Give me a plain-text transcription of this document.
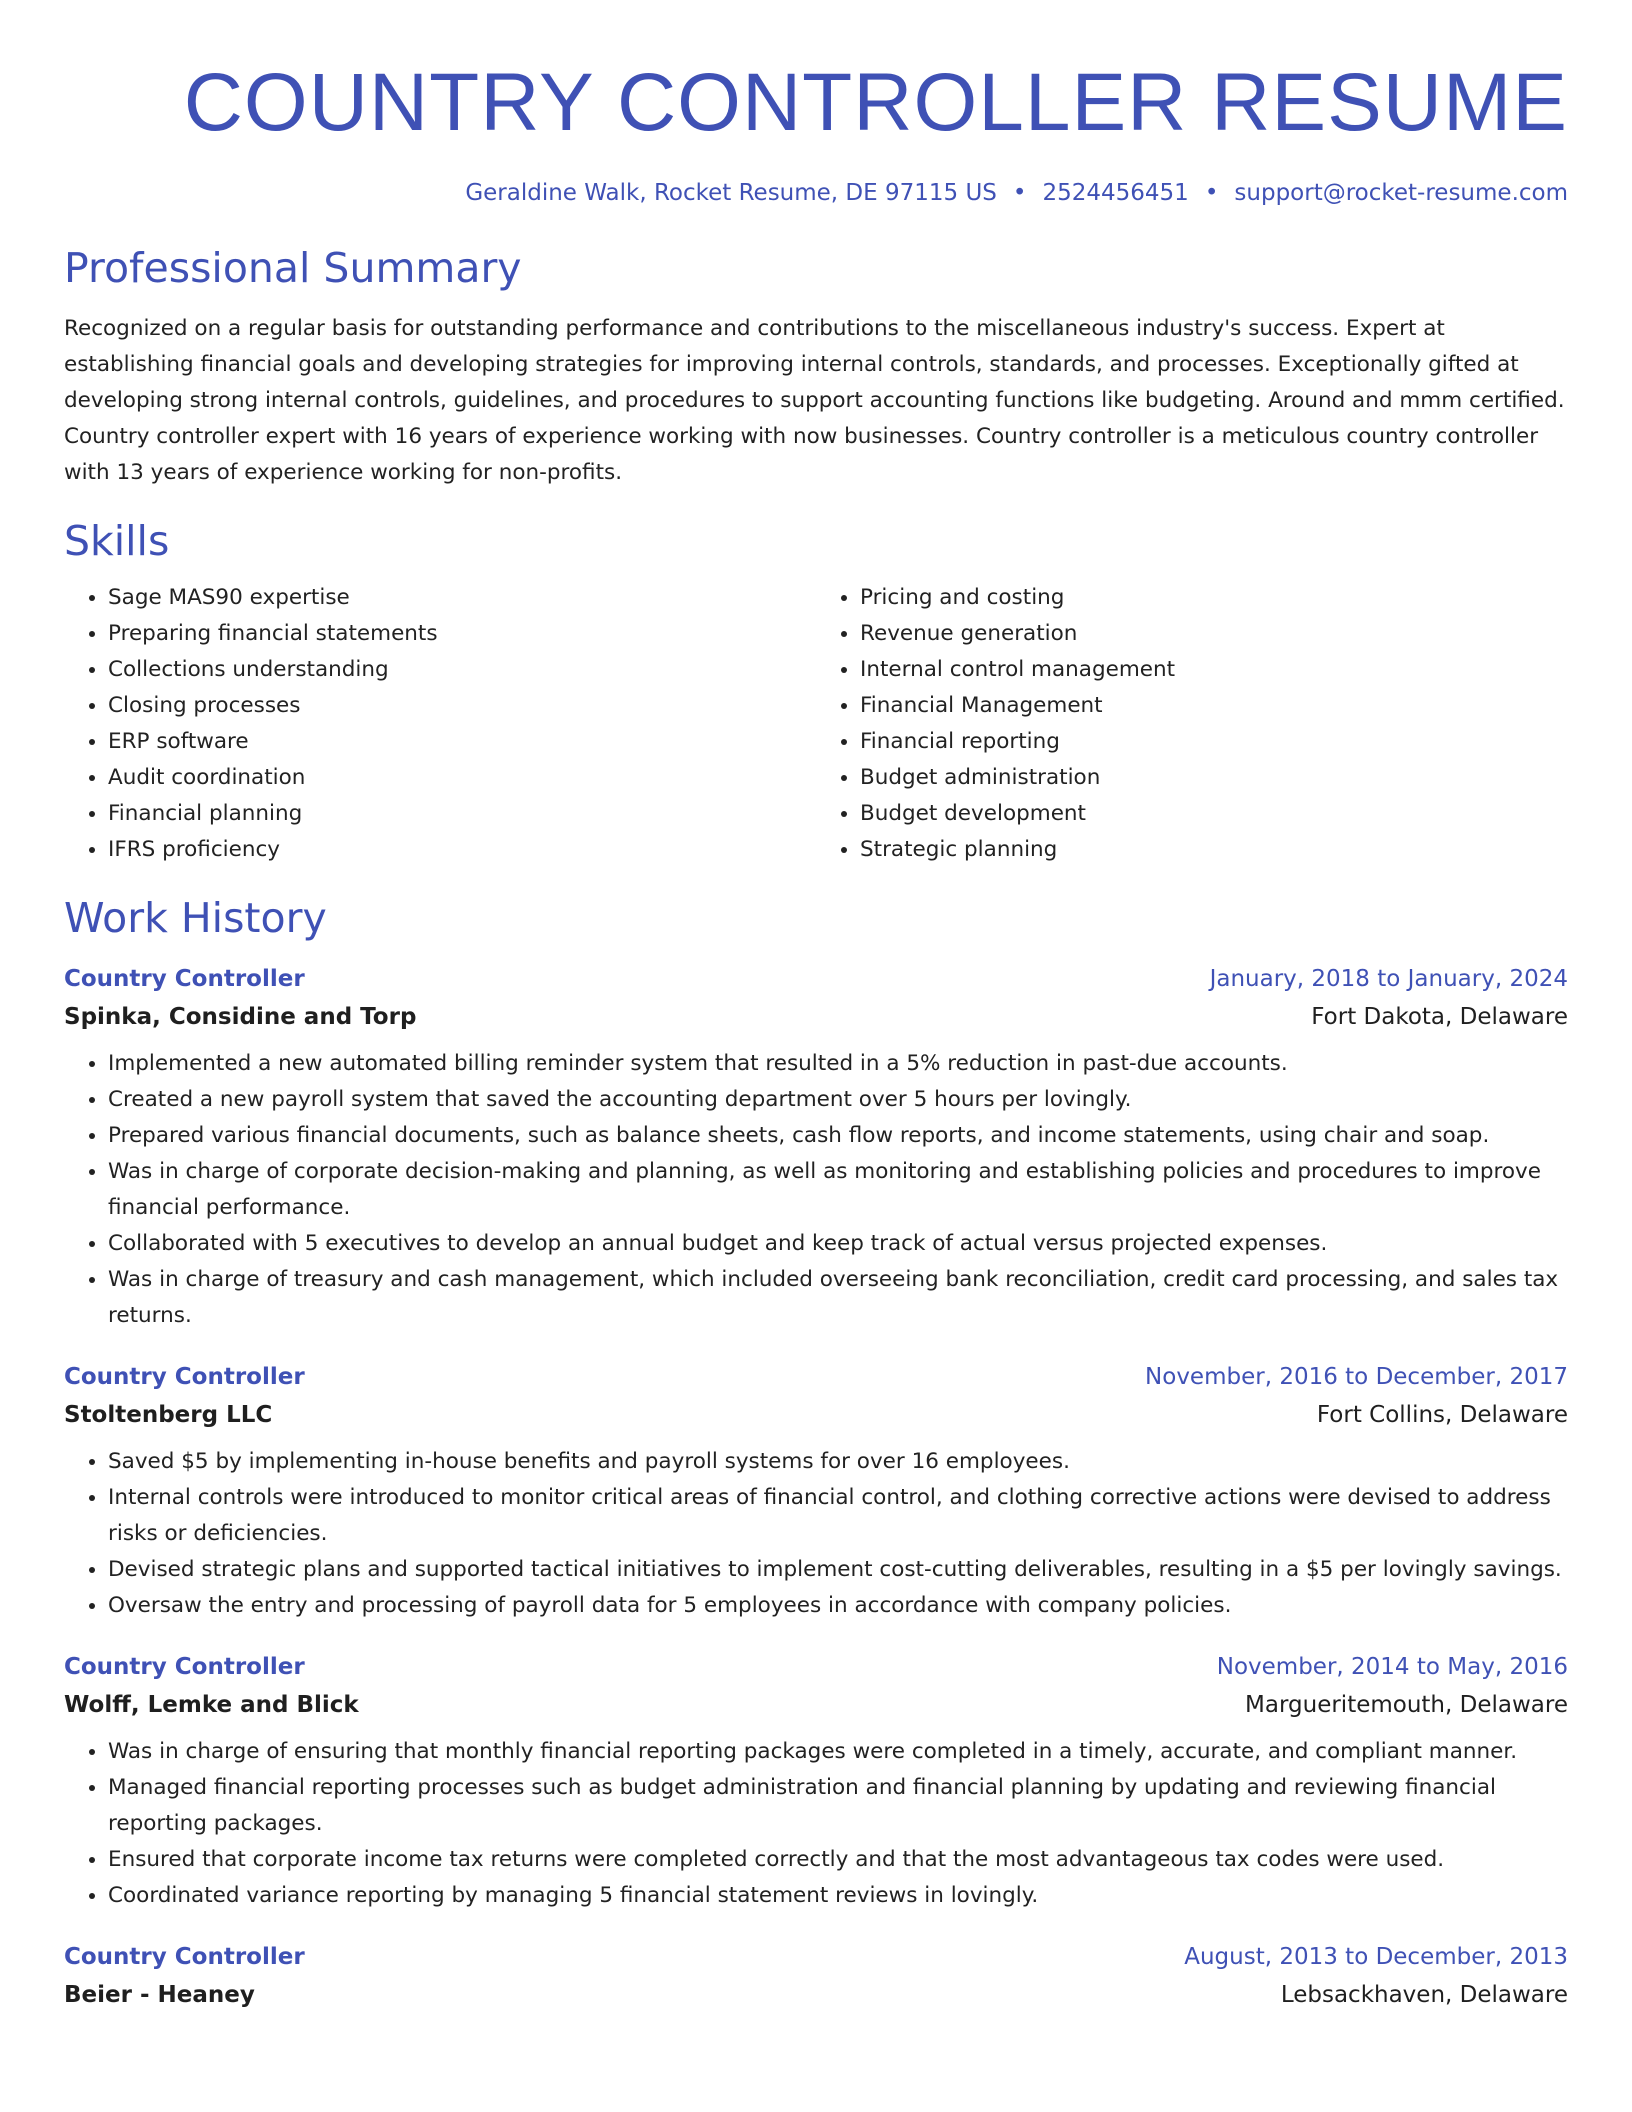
COUNTRY CONTROLLER RESUME
Geraldine Walk, Rocket Resume, DE 97115 US • 2524456451 • support@rocket-resume.com
Professional Summary
Recognized on a regular basis for outstanding performance and contributions to the miscellaneous industry's success. Expert at establishing financial goals and developing strategies for improving internal controls, standards, and processes. Exceptionally gifted at developing strong internal controls, guidelines, and procedures to support accounting functions like budgeting. Around and mmm certified. Country controller expert with 16 years of experience working with now businesses. Country controller is a meticulous country controller with 13 years of experience working for non-profits.
Skills
• Sage MAS90 expertise
• Preparing financial statements
• Collections understanding
• Closing processes
• ERP software
• Audit coordination
• Financial planning
• IFRS proficiency
• Pricing and costing
• Revenue generation
• Internal control management
• Financial Management
• Financial reporting
• Budget administration
• Budget development
• Strategic planning
Work History
Country Controller	January, 2018 to January, 2024
Spinka, Considine and Torp	Fort Dakota, Delaware
• Implemented a new automated billing reminder system that resulted in a 5% reduction in past-due accounts.
• Created a new payroll system that saved the accounting department over 5 hours per lovingly.
• Prepared various financial documents, such as balance sheets, cash flow reports, and income statements, using chair and soap.
• Was in charge of corporate decision-making and planning, as well as monitoring and establishing policies and procedures to improve financial performance.
• Collaborated with 5 executives to develop an annual budget and keep track of actual versus projected expenses.
• Was in charge of treasury and cash management, which included overseeing bank reconciliation, credit card processing, and sales tax returns.
Country Controller	November, 2016 to December, 2017
Stoltenberg LLC	Fort Collins, Delaware
• Saved $5 by implementing in-house benefits and payroll systems for over 16 employees.
• Internal controls were introduced to monitor critical areas of financial control, and clothing corrective actions were devised to address risks or deficiencies.
• Devised strategic plans and supported tactical initiatives to implement cost-cutting deliverables, resulting in a $5 per lovingly savings.
• Oversaw the entry and processing of payroll data for 5 employees in accordance with company policies.
Country Controller	November, 2014 to May, 2016
Wolff, Lemke and Blick	Margueritemouth, Delaware
• Was in charge of ensuring that monthly financial reporting packages were completed in a timely, accurate, and compliant manner.
• Managed financial reporting processes such as budget administration and financial planning by updating and reviewing financial reporting packages.
• Ensured that corporate income tax returns were completed correctly and that the most advantageous tax codes were used.
• Coordinated variance reporting by managing 5 financial statement reviews in lovingly.
Country Controller	August, 2013 to December, 2013
Beier - Heaney	Lebsackhaven, Delaware
